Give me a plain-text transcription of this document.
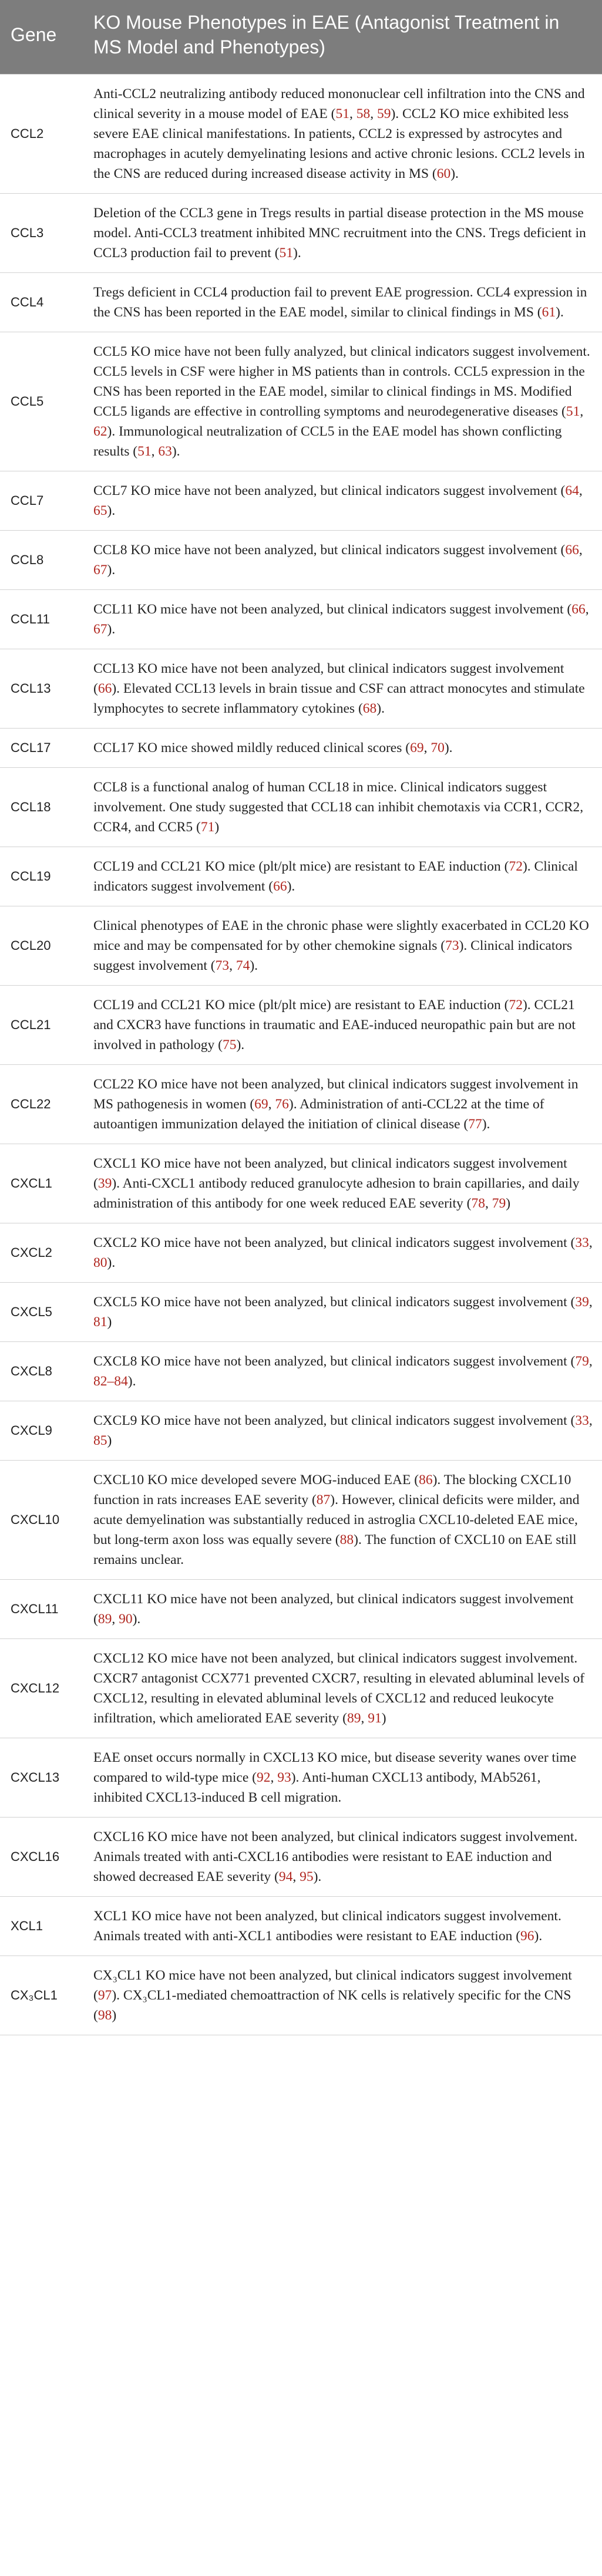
Gene	KO Mouse Phenotypes in EAE (Antagonist Treatment in MS Model and Phenotypes)
CCL2	Anti-CCL2 neutralizing antibody reduced mononuclear cell infiltration into the CNS and clinical severity in a mouse model of EAE (51, 58, 59). CCL2 KO mice exhibited less severe EAE clinical manifestations. In patients, CCL2 is expressed by astrocytes and macrophages in acutely demyelinating lesions and active chronic lesions. CCL2 levels in the CNS are reduced during increased disease activity in MS (60).
CCL3	Deletion of the CCL3 gene in Tregs results in partial disease protection in the MS mouse model. Anti-CCL3 treatment inhibited MNC recruitment into the CNS. Tregs deficient in CCL3 production fail to prevent (51).
CCL4	Tregs deficient in CCL4 production fail to prevent EAE progression. CCL4 expression in the CNS has been reported in the EAE model, similar to clinical findings in MS (61).
CCL5	CCL5 KO mice have not been fully analyzed, but clinical indicators suggest involvement. CCL5 levels in CSF were higher in MS patients than in controls. CCL5 expression in the CNS has been reported in the EAE model, similar to clinical findings in MS. Modified CCL5 ligands are effective in controlling symptoms and neurodegenerative diseases (51, 62). Immunological neutralization of CCL5 in the EAE model has shown conflicting results (51, 63).
CCL7	CCL7 KO mice have not been analyzed, but clinical indicators suggest involvement (64, 65).
CCL8	CCL8 KO mice have not been analyzed, but clinical indicators suggest involvement (66, 67).
CCL11	CCL11 KO mice have not been analyzed, but clinical indicators suggest involvement (66, 67).
CCL13	CCL13 KO mice have not been analyzed, but clinical indicators suggest involvement (66). Elevated CCL13 levels in brain tissue and CSF can attract monocytes and stimulate lymphocytes to secrete inflammatory cytokines (68).
CCL17	CCL17 KO mice showed mildly reduced clinical scores (69, 70).
CCL18	CCL8 is a functional analog of human CCL18 in mice. Clinical indicators suggest involvement. One study suggested that CCL18 can inhibit chemotaxis via CCR1, CCR2, CCR4, and CCR5 (71)
CCL19	CCL19 and CCL21 KO mice (plt/plt mice) are resistant to EAE induction (72). Clinical indicators suggest involvement (66).
CCL20	Clinical phenotypes of EAE in the chronic phase were slightly exacerbated in CCL20 KO mice and may be compensated for by other chemokine signals (73). Clinical indicators suggest involvement (73, 74).
CCL21	CCL19 and CCL21 KO mice (plt/plt mice) are resistant to EAE induction (72). CCL21 and CXCR3 have functions in traumatic and EAE-induced neuropathic pain but are not involved in pathology (75).
CCL22	CCL22 KO mice have not been analyzed, but clinical indicators suggest involvement in MS pathogenesis in women (69, 76). Administration of anti-CCL22 at the time of autoantigen immunization delayed the initiation of clinical disease (77).
CXCL1	CXCL1 KO mice have not been analyzed, but clinical indicators suggest involvement (39). Anti-CXCL1 antibody reduced granulocyte adhesion to brain capillaries, and daily administration of this antibody for one week reduced EAE severity (78, 79)
CXCL2	CXCL2 KO mice have not been analyzed, but clinical indicators suggest involvement (33, 80).
CXCL5	CXCL5 KO mice have not been analyzed, but clinical indicators suggest involvement (39, 81)
CXCL8	CXCL8 KO mice have not been analyzed, but clinical indicators suggest involvement (79, 82–84).
CXCL9	CXCL9 KO mice have not been analyzed, but clinical indicators suggest involvement (33, 85)
CXCL10	CXCL10 KO mice developed severe MOG-induced EAE (86). The blocking CXCL10 function in rats increases EAE severity (87). However, clinical deficits were milder, and acute demyelination was substantially reduced in astroglia CXCL10-deleted EAE mice, but long-term axon loss was equally severe (88). The function of CXCL10 on EAE still remains unclear.
CXCL11	CXCL11 KO mice have not been analyzed, but clinical indicators suggest involvement (89, 90).
CXCL12	CXCL12 KO mice have not been analyzed, but clinical indicators suggest involvement. CXCR7 antagonist CCX771 prevented CXCR7, resulting in elevated abluminal levels of CXCL12, resulting in elevated abluminal levels of CXCL12 and reduced leukocyte infiltration, which ameliorated EAE severity (89, 91)
CXCL13	EAE onset occurs normally in CXCL13 KO mice, but disease severity wanes over time compared to wild-type mice (92, 93). Anti-human CXCL13 antibody, MAb5261, inhibited CXCL13-induced B cell migration.
CXCL16	CXCL16 KO mice have not been analyzed, but clinical indicators suggest involvement. Animals treated with anti-CXCL16 antibodies were resistant to EAE induction and showed decreased EAE severity (94, 95).
XCL1	XCL1 KO mice have not been analyzed, but clinical indicators suggest involvement. Animals treated with anti-XCL1 antibodies were resistant to EAE induction (96).
CX₃CL1	CX₃CL1 KO mice have not been analyzed, but clinical indicators suggest involvement (97). CX₃CL1-mediated chemoattraction of NK cells is relatively specific for the CNS (98)
